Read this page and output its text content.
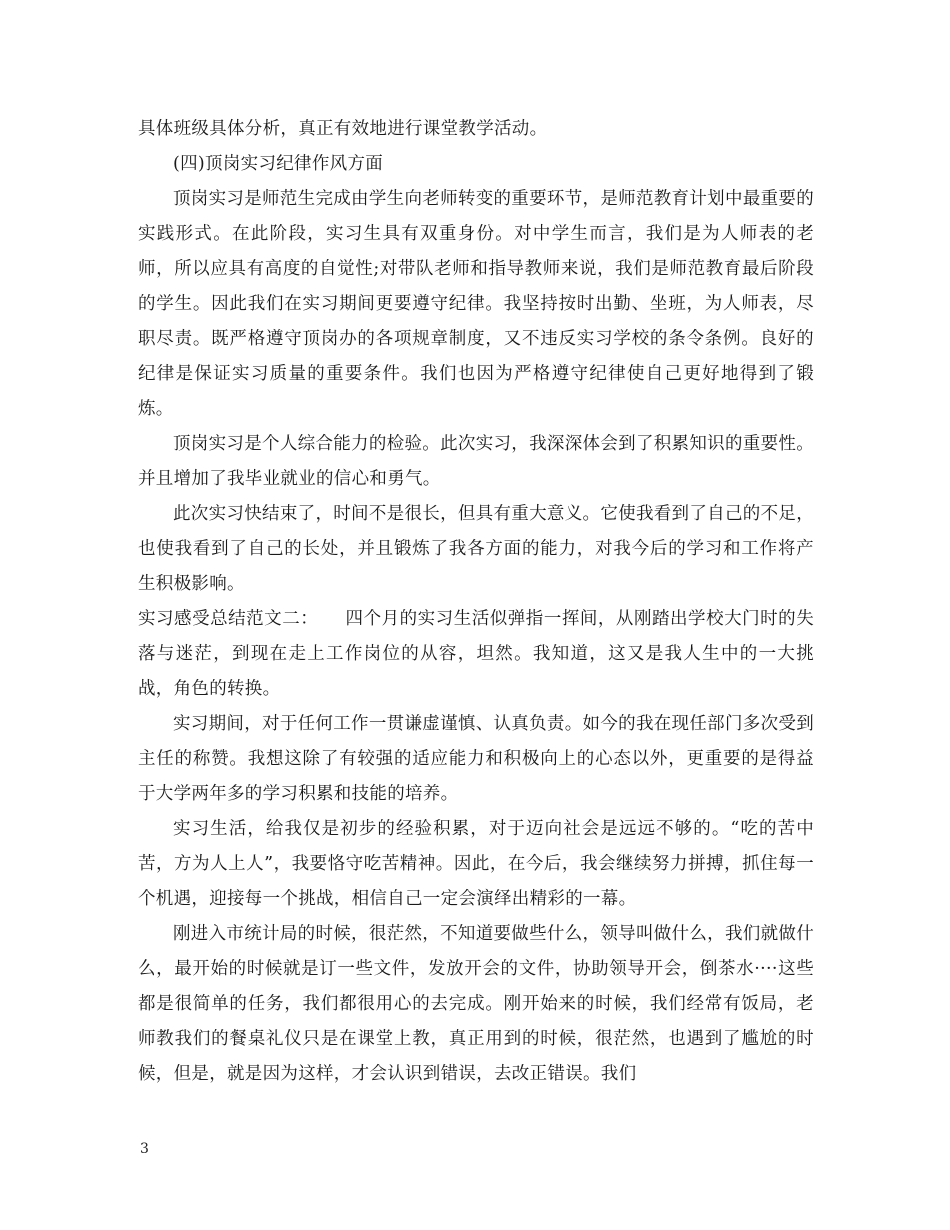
具体班级具体分析，真正有效地进行课堂教学活动。

(四)顶岗实习纪律作风方面

顶岗实习是师范生完成由学生向老师转变的重要环节，是师范教育计划中最重要的实践形式。在此阶段，实习生具有双重身份。对中学生而言，我们是为人师表的老师，所以应具有高度的自觉性;对带队老师和指导教师来说，我们是师范教育最后阶段的学生。因此我们在实习期间更要遵守纪律。我坚持按时出勤、坐班，为人师表，尽职尽责。既严格遵守顶岗办的各项规章制度，又不违反实习学校的条令条例。良好的纪律是保证实习质量的重要条件。我们也因为严格遵守纪律使自己更好地得到了锻炼。

顶岗实习是个人综合能力的检验。此次实习，我深深体会到了积累知识的重要性。并且增加了我毕业就业的信心和勇气。

此次实习快结束了，时间不是很长，但具有重大意义。它使我看到了自己的不足，也使我看到了自己的长处，并且锻炼了我各方面的能力，对我今后的学习和工作将产生积极影响。

实习感受总结范文二：　　四个月的实习生活似弹指一挥间，从刚踏出学校大门时的失落与迷茫，到现在走上工作岗位的从容，坦然。我知道，这又是我人生中的一大挑战，角色的转换。

实习期间，对于任何工作一贯谦虚谨慎、认真负责。如今的我在现任部门多次受到主任的称赞。我想这除了有较强的适应能力和积极向上的心态以外，更重要的是得益于大学两年多的学习积累和技能的培养。

实习生活，给我仅是初步的经验积累，对于迈向社会是远远不够的。“吃的苦中苦，方为人上人”，我要恪守吃苦精神。因此，在今后，我会继续努力拼搏，抓住每一个机遇，迎接每一个挑战，相信自己一定会演绎出精彩的一幕。

刚进入市统计局的时候，很茫然，不知道要做些什么，领导叫做什么，我们就做什么，最开始的时候就是订一些文件，发放开会的文件，协助领导开会，倒茶水····这些都是很简单的任务，我们都很用心的去完成。刚开始来的时候，我们经常有饭局，老师教我们的餐桌礼仪只是在课堂上教，真正用到的时候，很茫然，也遇到了尴尬的时候，但是，就是因为这样，才会认识到错误，去改正错误。我们

3
